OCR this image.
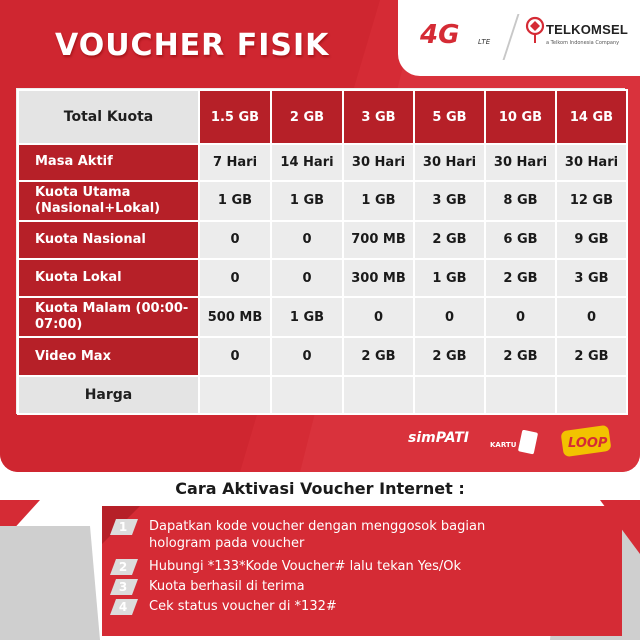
VOUCHER FISIK	4G	LTE
TELKOMSEL
a Telkom Indonesia Company
Total Kuota	1.5 GB	2 GB	3 GB	5 GB	10 GB	14 GB
Masa Aktif	7 Hari	14 Hari	30 Hari	30 Hari	30 Hari	30 Hari
Kuota Utama (Nasional+Lokal)	1 GB	1 GB	1 GB	3 GB	8 GB	12 GB
Kuota Nasional	0	0	700 MB	2 GB	6 GB	9 GB
Kuota Lokal	0	0	300 MB	1 GB	2 GB	3 GB
Kuota Malam (00:00-07:00)	500 MB	1 GB	0	0	0	0
Video Max	0	0	2 GB	2 GB	2 GB	2 GB
Harga						
simPATI	KARTU AS	LOOP
Cara Aktivasi Voucher Internet :
1
2
3
4
Dapatkan kode voucher dengan menggosok bagian hologram pada voucher
Hubungi *133*Kode Voucher# lalu tekan Yes/Ok
Kuota berhasil di terima
Cek status voucher di *132#
